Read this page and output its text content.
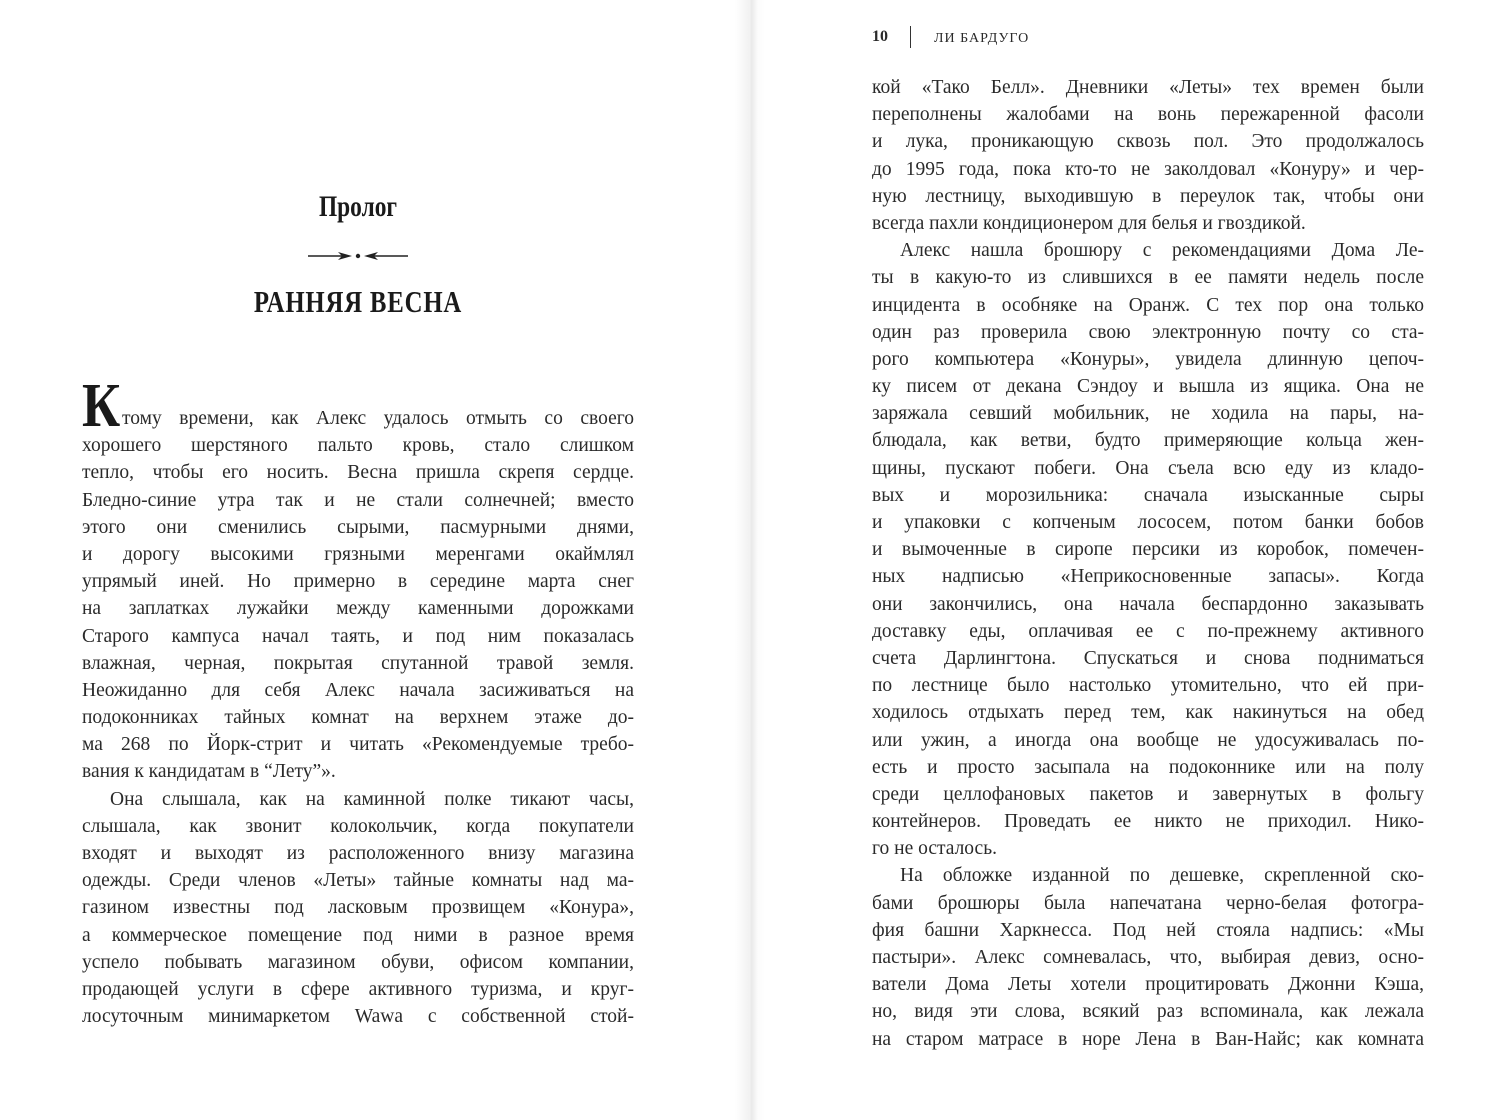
Пролог
РАННЯЯ ВЕСНА
К тому времени, как Алекс удалось отмыть со своего
хорошего шерстяного пальто кровь, стало слишком
тепло, чтобы его носить. Весна пришла скрепя сердце.
Бледно-синие утра так и не стали солнечней; вместо
этого они сменились сырыми, пасмурными днями,
и дорогу высокими грязными меренгами окаймлял
упрямый иней. Но примерно в середине марта снег
на заплатках лужайки между каменными дорожками
Старого кампуса начал таять, и под ним показалась
влажная, черная, покрытая спутанной травой земля.
Неожиданно для себя Алекс начала засиживаться на
подоконниках тайных комнат на верхнем этаже до-
ма 268 по Йорк-стрит и читать «Рекомендуемые требо-
вания к кандидатам в “Лету”».
Она слышала, как на каминной полке тикают часы,
слышала, как звонит колокольчик, когда покупатели
входят и выходят из расположенного внизу магазина
одежды. Среди членов «Леты» тайные комнаты над ма-
газином известны под ласковым прозвищем «Конура»,
а коммерческое помещение под ними в разное время
успело побывать магазином обуви, офисом компании,
продающей услуги в сфере активного туризма, и круг-
лосуточным минимаркетом Wawa с собственной стой-
10	ЛИ БАРДУГО
кой «Тако Белл». Дневники «Леты» тех времен были
переполнены жалобами на вонь пережаренной фасоли
и лука, проникающую сквозь пол. Это продолжалось
до 1995 года, пока кто-то не заколдовал «Конуру» и чер-
ную лестницу, выходившую в переулок так, чтобы они
всегда пахли кондиционером для белья и гвоздикой.
Алекс нашла брошюру с рекомендациями Дома Ле-
ты в какую-то из слившихся в ее памяти недель после
инцидента в особняке на Оранж. С тех пор она только
один раз проверила свою электронную почту со ста-
рого компьютера «Конуры», увидела длинную цепоч-
ку писем от декана Сэндоу и вышла из ящика. Она не
заряжала севший мобильник, не ходила на пары, на-
блюдала, как ветви, будто примеряющие кольца жен-
щины, пускают побеги. Она съела всю еду из кладо-
вых и морозильника: сначала изысканные сыры
и упаковки с копченым лососем, потом банки бобов
и вымоченные в сиропе персики из коробок, помечен-
ных надписью «Неприкосновенные запасы». Когда
они закончились, она начала беспардонно заказывать
доставку еды, оплачивая ее с по-прежнему активного
счета Дарлингтона. Спускаться и снова подниматься
по лестнице было настолько утомительно, что ей при-
ходилось отдыхать перед тем, как накинуться на обед
или ужин, а иногда она вообще не удосуживалась по-
есть и просто засыпала на подоконнике или на полу
среди целлофановых пакетов и завернутых в фольгу
контейнеров. Проведать ее никто не приходил. Нико-
го не осталось.
На обложке изданной по дешевке, скрепленной ско-
бами брошюры была напечатана черно-белая фотогра-
фия башни Харкнесса. Под ней стояла надпись: «Мы
пастыри». Алекс сомневалась, что, выбирая девиз, осно-
ватели Дома Леты хотели процитировать Джонни Кэша,
но, видя эти слова, всякий раз вспоминала, как лежала
на старом матрасе в норе Лена в Ван-Найс; как комната
